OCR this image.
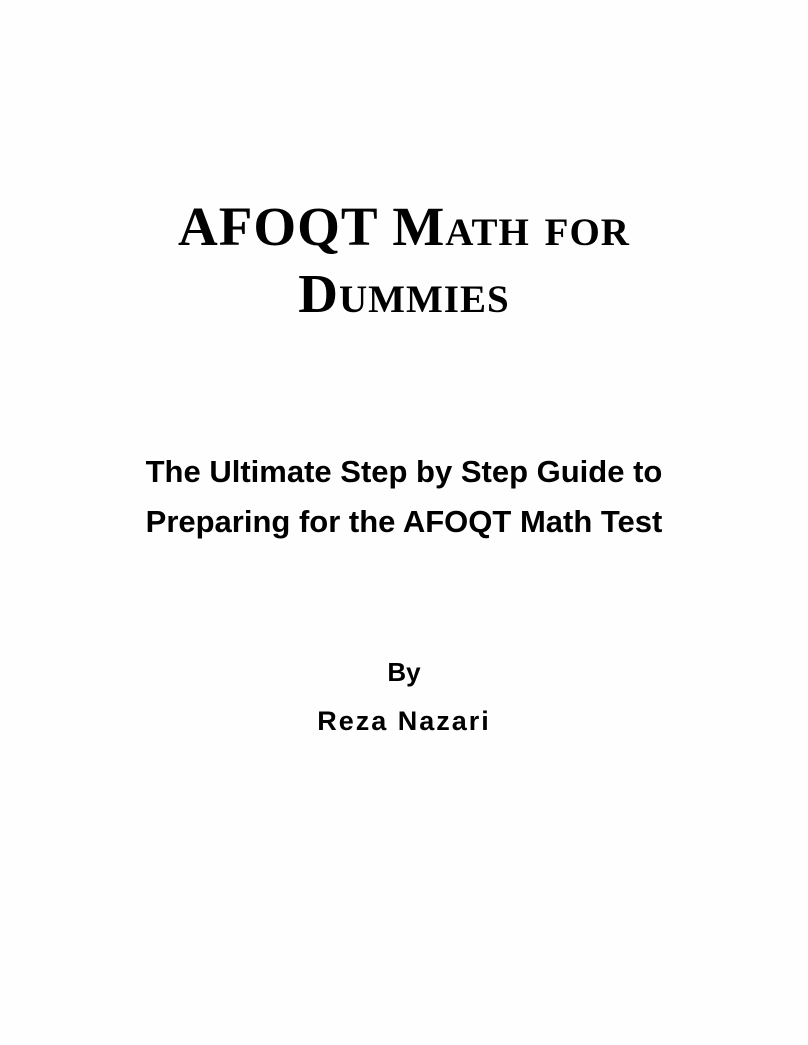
AFOQT Math for
Dummies
The Ultimate Step by Step Guide to
Preparing for the AFOQT Math Test
By
Reza Nazari
